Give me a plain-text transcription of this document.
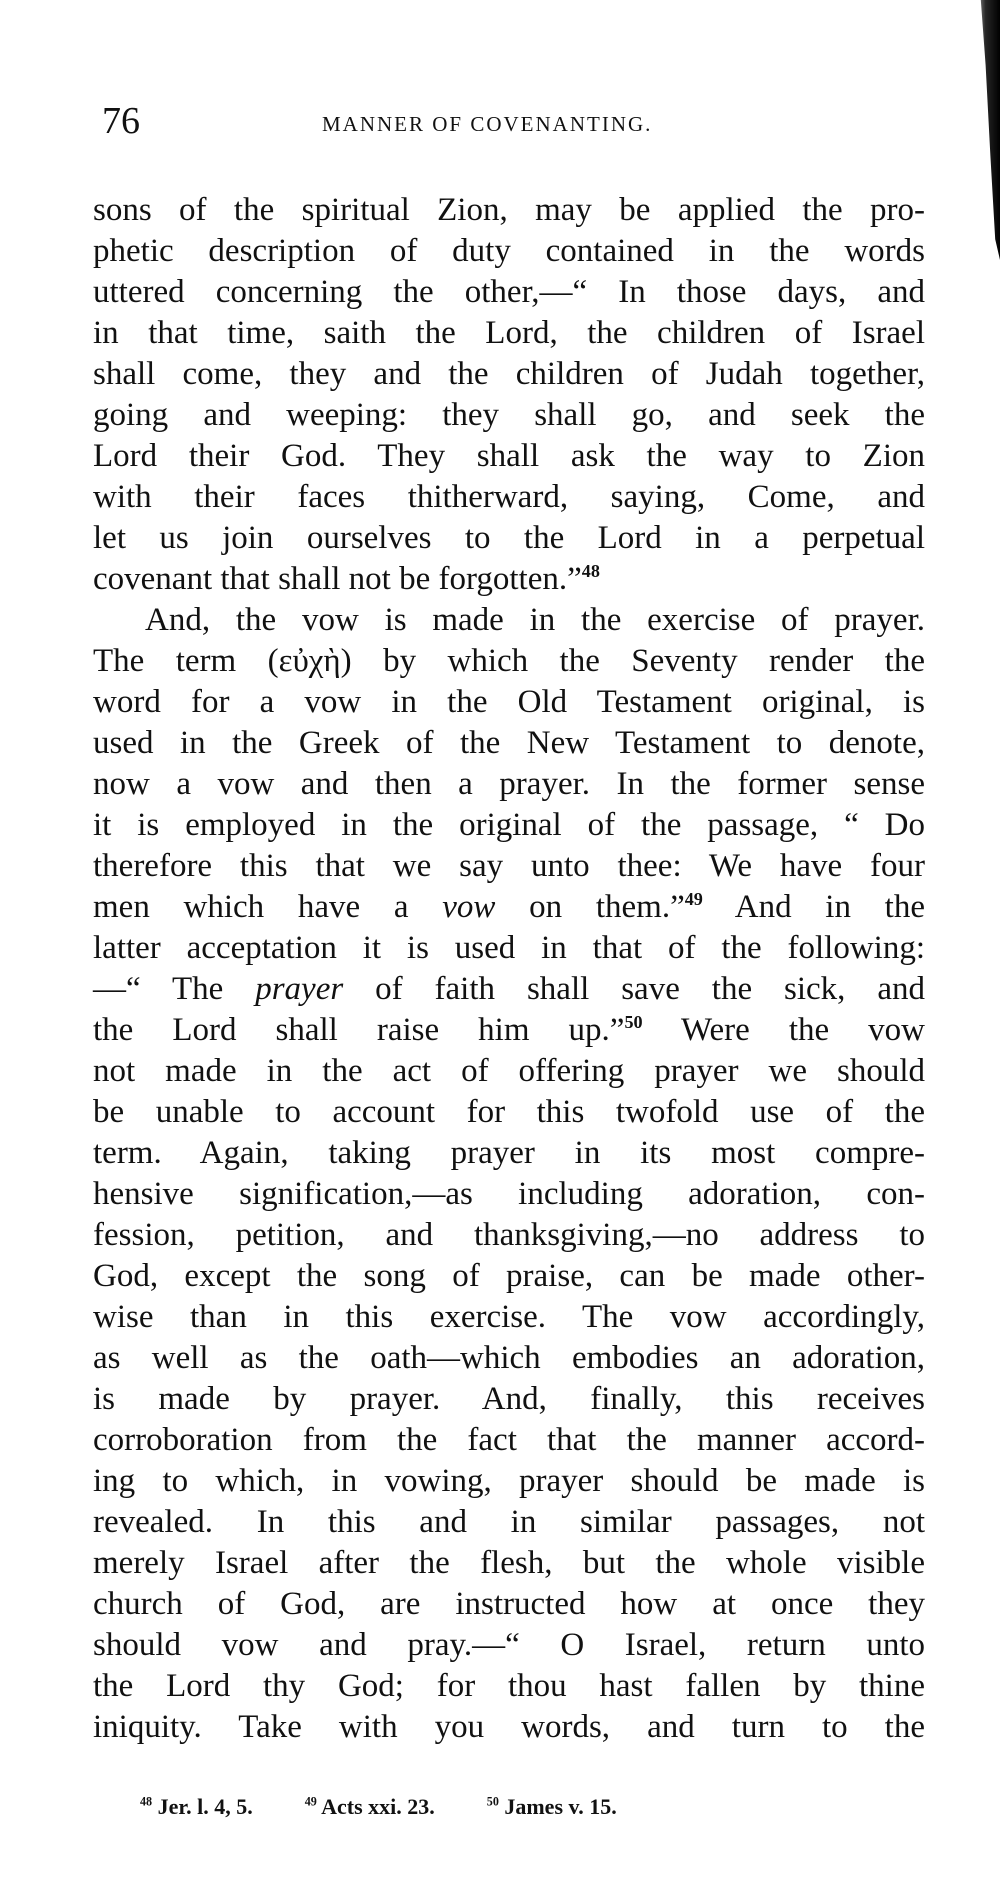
76	MANNER OF COVENANTING.
sons of the spiritual Zion, may be applied the pro-
phetic description of duty contained in the words
uttered concerning the other,—“ In those days, and
in that time, saith the Lord, the children of Israel
shall come, they and the children of Judah together,
going and weeping: they shall go, and seek the
Lord their God. They shall ask the way to Zion
with their faces thitherward, saying, Come, and
let us join ourselves to the Lord in a perpetual
covenant that shall not be forgotten.”$^{48}$
And, the vow is made in the exercise of prayer.
The term (εὐχὴ) by which the Seventy render the
word for a vow in the Old Testament original, is
used in the Greek of the New Testament to denote,
now a vow and then a prayer. In the former sense
it is employed in the original of the passage, “ Do
therefore this that we say unto thee: We have four
men which have a vow on them.”$^{49}$ And in the
latter acceptation it is used in that of the following:
—“ The prayer of faith shall save the sick, and
the Lord shall raise him up.”$^{50}$ Were the vow
not made in the act of offering prayer we should
be unable to account for this twofold use of the
term. Again, taking prayer in its most compre-
hensive signification,—as including adoration, con-
fession, petition, and thanksgiving,—no address to
God, except the song of praise, can be made other-
wise than in this exercise. The vow accordingly,
as well as the oath—which embodies an adoration,
is made by prayer. And, finally, this receives
corroboration from the fact that the manner accord-
ing to which, in vowing, prayer should be made is
revealed. In this and in similar passages, not
merely Israel after the flesh, but the whole visible
church of God, are instructed how at once they
should vow and pray.—“ O Israel, return unto
the Lord thy God; for thou hast fallen by thine
iniquity. Take with you words, and turn to the
$^{48}$ Jer. l. 4, 5.	$^{49}$ Acts xxi. 23.	$^{50}$ James v. 15.
